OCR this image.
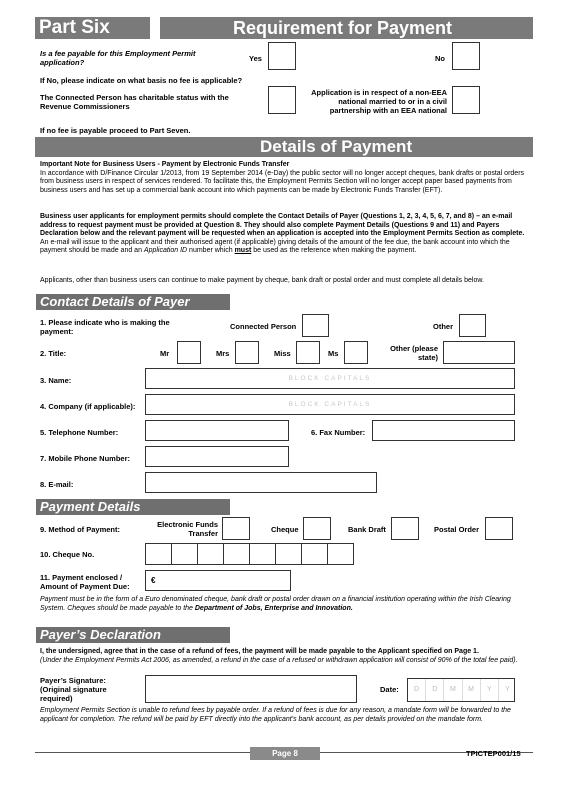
Part Six	Requirement for Payment
Is a fee payable for this Employment Permit application?	Yes	No
If No, please indicate on what basis no fee is applicable?
The Connected Person has charitable status with the Revenue Commissioners
Application is in respect of a non-EEA national married to or in a civil partnership with an EEA national
If no fee is payable proceed to Part Seven.
Details of Payment
Important Note for Business Users - Payment by Electronic Funds Transfer
In accordance with D/Finance Circular 1/2013, from 19 September 2014 (e-Day) the public sector will no longer accept cheques, bank drafts or postal orders from business users in respect of services rendered. To facilitate this, the Employment Permits Section will no longer accept paper based payments from business users and has set up a commercial bank account into which payments can be made by Electronic Funds Transfer (EFT).
Business user applicants for employment permits should complete the Contact Details of Payer (Questions 1, 2, 3, 4, 5, 6, 7, and 8) – an e-mail address to request payment must be provided at Question 8. They should also complete Payment Details (Questions 9 and 11) and Payers Declaration below and the relevant payment will be requested when an application is accepted into the Employment Permits Section as complete. An e-mail will issue to the applicant and their authorised agent (if applicable) giving details of the amount of the fee due, the bank account into which the payment should be made and an Application ID number which must be used as the reference when making the payment.
Applicants, other than business users can continue to make payment by cheque, bank draft or postal order and must complete all details below.
Contact Details of Payer
1. Please indicate who is making the payment:
Connected Person	Other
2. Title:	Mr	Mrs	Miss	Ms
Other (please state)
3. Name:	BLOCK CAPITALS
4. Company (if applicable):	BLOCK CAPITALS
5. Telephone Number:	6. Fax Number:
7. Mobile Phone Number:
8. E-mail:
Payment Details
9. Method of Payment:
Electronic Funds Transfer	Cheque	Bank Draft	Postal Order
10. Cheque No.
11. Payment enclosed / Amount of Payment Due:
€
Payment must be in the form of a Euro denominated cheque, bank draft or postal order drawn on a financial institution operating within the Irish Clearing System. Cheques should be made payable to the Department of Jobs, Enterprise and Innovation.
Payer’s Declaration
I, the undersigned, agree that in the case of a refund of fees, the payment will be made payable to the Applicant specified on Page 1.
(Under the Employment Permits Act 2006, as amended, a refund in the case of a refused or withdrawn application will consist of 90% of the total fee paid).
Payer’s Signature: (Original signature required)
Date:	D	D	M	M	Y	Y
Employment Permits Section is unable to refund fees by payable order. If a refund of fees is due for any reason, a mandate form will be forwarded to the applicant for completion. The refund will be paid by EFT directly into the applicant's bank account, as per details provided on the mandate form.
Page 8	TPICTEP001/15
